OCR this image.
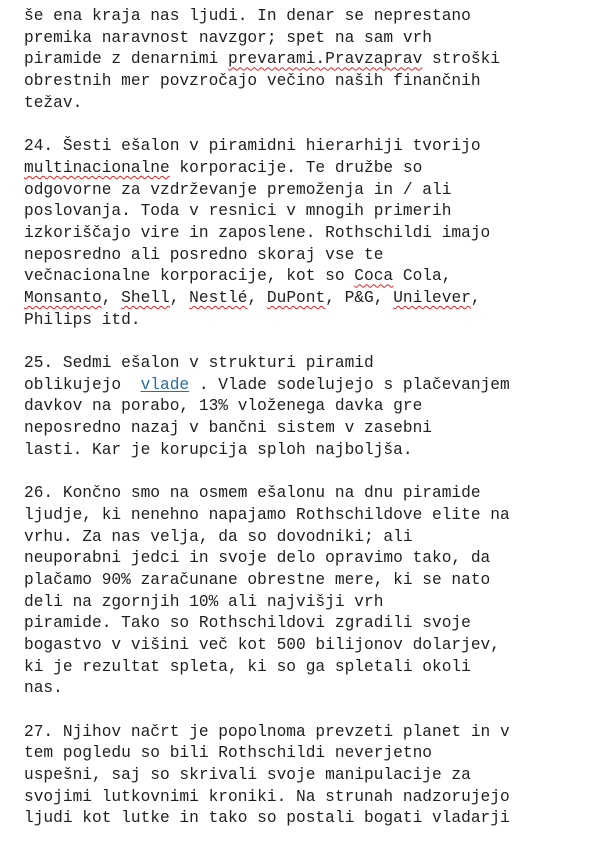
še ena kraja nas ljudi. In denar se neprestano
premika naravnost navzgor; spet na sam vrh
piramide z denarnimi prevarami.Pravzaprav stroški
obrestnih mer povzročajo večino naših finančnih
težav.
24. Šesti ešalon v piramidni hierarhiji tvorijo
multinacionalne korporacije. Te družbe so
odgovorne za vzdrževanje premoženja in / ali
poslovanja. Toda v resnici v mnogih primerih
izkoriščajo vire in zaposlene. Rothschildi imajo
neposredno ali posredno skoraj vse te
večnacionalne korporacije, kot so Coca Cola,
Monsanto, Shell, Nestlé, DuPont, P&G, Unilever,
Philips itd.
25. Sedmi ešalon v strukturi piramid
oblikujejo  vlade . Vlade sodelujejo s plačevanjem
davkov na porabo, 13% vloženega davka gre
neposredno nazaj v bančni sistem v zasebni
lasti. Kar je korupcija sploh najboljša.
26. Končno smo na osmem ešalonu na dnu piramide
ljudje, ki nenehno napajamo Rothschildove elite na
vrhu. Za nas velja, da so dovodniki; ali
neuporabni jedci in svoje delo opravimo tako, da
plačamo 90% zaračunane obrestne mere, ki se nato
deli na zgornjih 10% ali najvišji vrh
piramide. Tako so Rothschildovi zgradili svoje
bogastvo v višini več kot 500 bilijonov dolarjev,
ki je rezultat spleta, ki so ga spletali okoli
nas.
27. Njihov načrt je popolnoma prevzeti planet in v
tem pogledu so bili Rothschildi neverjetno
uspešni, saj so skrivali svoje manipulacije za
svojimi lutkovnimi kroniki. Na strunah nadzorujejo
ljudi kot lutke in tako so postali bogati vladarji
